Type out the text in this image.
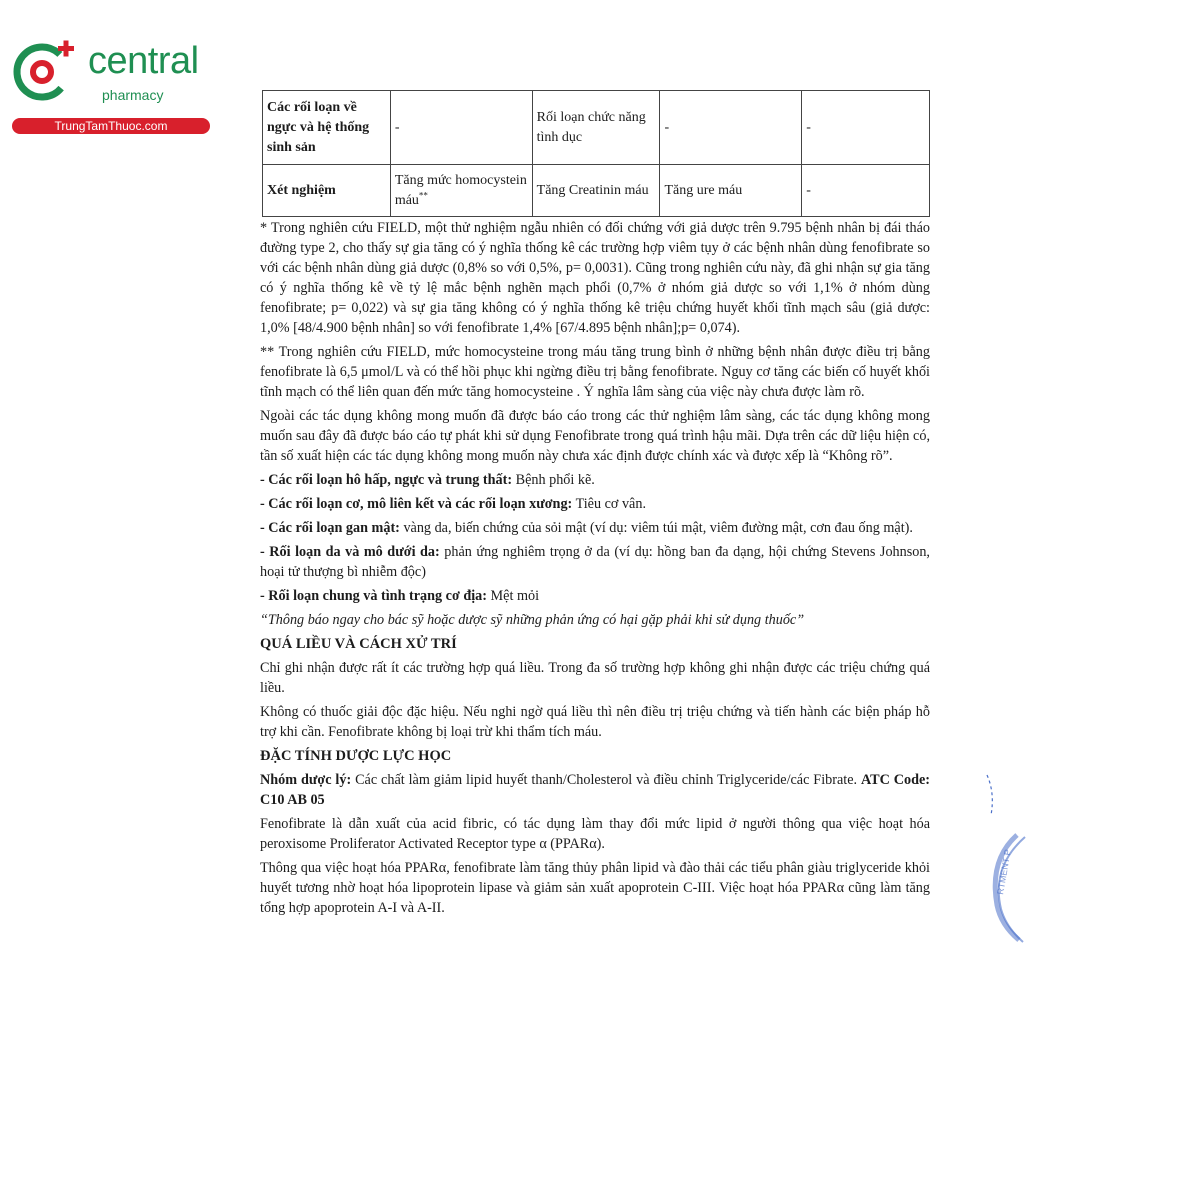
central
pharmacy
TrungTamThuoc.com
Các rối loạn về ngực và hệ thống sinh sản	-	Rối loạn chức năng tình dục	-	-
Xét nghiệm	Tăng mức homocystein máu**	Tăng Creatinin máu	Tăng ure máu	-

* Trong nghiên cứu FIELD, một thử nghiệm ngẫu nhiên có đối chứng với giả dược trên 9.795 bệnh nhân bị đái tháo đường type 2, cho thấy sự gia tăng có ý nghĩa thống kê các trường hợp viêm tụy ở các bệnh nhân dùng fenofibrate so với các bệnh nhân dùng giả dược (0,8% so với 0,5%, p= 0,0031). Cũng trong nghiên cứu này, đã ghi nhận sự gia tăng có ý nghĩa thống kê về tỷ lệ mắc bệnh nghẽn mạch phổi (0,7% ở nhóm giả dược so với 1,1% ở nhóm dùng fenofibrate; p= 0,022) và sự gia tăng không có ý nghĩa thống kê triệu chứng huyết khối tĩnh mạch sâu (giả dược: 1,0% [48/4.900 bệnh nhân] so với fenofibrate 1,4% [67/4.895 bệnh nhân];p= 0,074).

** Trong nghiên cứu FIELD, mức homocysteine trong máu tăng trung bình ở những bệnh nhân được điều trị bằng fenofibrate là 6,5 μmol/L và có thể hồi phục khi ngừng điều trị bằng fenofibrate. Nguy cơ tăng các biến cố huyết khối tĩnh mạch có thể liên quan đến mức tăng homocysteine . Ý nghĩa lâm sàng của việc này chưa được làm rõ.

Ngoài các tác dụng không mong muốn đã được báo cáo trong các thử nghiệm lâm sàng, các tác dụng không mong muốn sau đây đã được báo cáo tự phát khi sử dụng Fenofibrate trong quá trình hậu mãi. Dựa trên các dữ liệu hiện có, tần số xuất hiện các tác dụng không mong muốn này chưa xác định được chính xác và được xếp là “Không rõ”.

- Các rối loạn hô hấp, ngực và trung thất: Bệnh phổi kẽ.

- Các rối loạn cơ, mô liên kết và các rối loạn xương: Tiêu cơ vân.

- Các rối loạn gan mật: vàng da, biến chứng của sỏi mật (ví dụ: viêm túi mật, viêm đường mật, cơn đau ống mật).

- Rối loạn da và mô dưới da: phản ứng nghiêm trọng ở da (ví dụ: hồng ban đa dạng, hội chứng Stevens Johnson, hoại tử thượng bì nhiễm độc)

- Rối loạn chung và tình trạng cơ địa: Mệt mỏi

“Thông báo ngay cho bác sỹ hoặc dược sỹ những phản ứng có hại gặp phải khi sử dụng thuốc”

QUÁ LIỀU VÀ CÁCH XỬ TRÍ

Chỉ ghi nhận được rất ít các trường hợp quá liều. Trong đa số trường hợp không ghi nhận được các triệu chứng quá liều.

Không có thuốc giải độc đặc hiệu. Nếu nghi ngờ quá liều thì nên điều trị triệu chứng và tiến hành các biện pháp hỗ trợ khi cần. Fenofibrate không bị loại trừ khi thẩm tích máu.

ĐẶC TÍNH DƯỢC LỰC HỌC

Nhóm dược lý: Các chất làm giảm lipid huyết thanh/Cholesterol và điều chỉnh Triglyceride/các Fibrate. ATC Code: C10 AB 05

Fenofibrate là dẫn xuất của acid fibric, có tác dụng làm thay đổi mức lipid ở người thông qua việc hoạt hóa peroxisome Proliferator Activated Receptor type α (PPARα).

Thông qua việc hoạt hóa PPARα, fenofibrate làm tăng thủy phân lipid và đào thải các tiểu phân giàu triglyceride khỏi huyết tương nhờ hoạt hóa lipoprotein lipase và giảm sản xuất apoprotein C-III. Việc hoạt hóa PPARα cũng làm tăng tổng hợp apoprotein A-I và A-II.

RTMENT P
